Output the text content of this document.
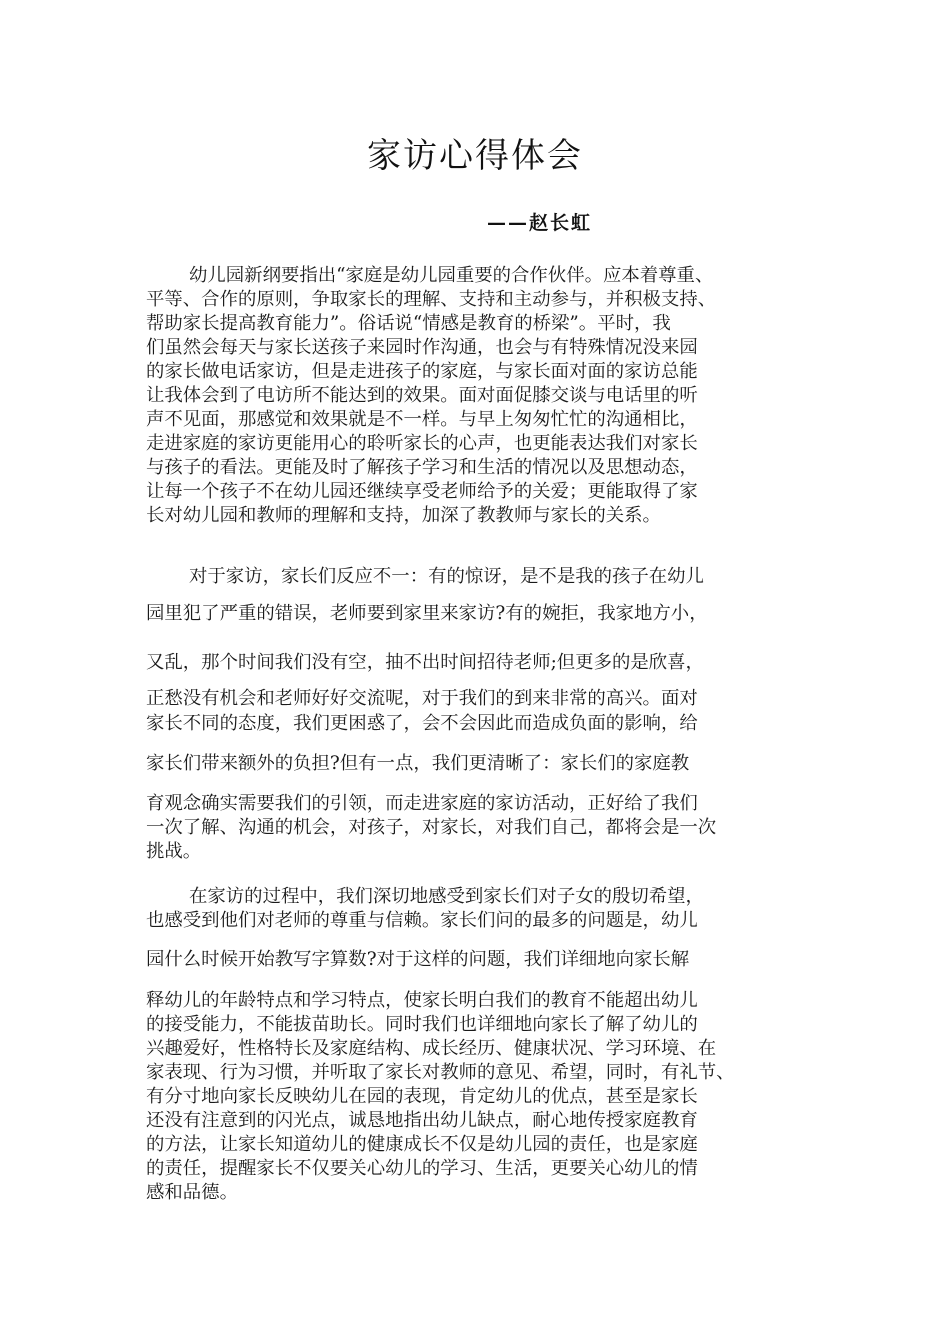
家访心得体会
——赵长虹
幼儿园新纲要指出“家庭是幼儿园重要的合作伙伴。应本着尊重、
平等、合作的原则，争取家长的理解、支持和主动参与，并积极支持、
帮助家长提高教育能力”。俗话说“情感是教育的桥梁”。平时，我
们虽然会每天与家长送孩子来园时作沟通，也会与有特殊情况没来园
的家长做电话家访，但是走进孩子的家庭，与家长面对面的家访总能
让我体会到了电访所不能达到的效果。面对面促膝交谈与电话里的听
声不见面，那感觉和效果就是不一样。与早上匆匆忙忙的沟通相比，
走进家庭的家访更能用心的聆听家长的心声，也更能表达我们对家长
与孩子的看法。更能及时了解孩子学习和生活的情况以及思想动态，
让每一个孩子不在幼儿园还继续享受老师给予的关爱；更能取得了家
长对幼儿园和教师的理解和支持，加深了教教师与家长的关系。
对于家访，家长们反应不一：有的惊讶，是不是我的孩子在幼儿
园里犯了严重的错误，老师要到家里来家访?有的婉拒，我家地方小，
又乱，那个时间我们没有空，抽不出时间招待老师;但更多的是欣喜，
正愁没有机会和老师好好交流呢，对于我们的到来非常的高兴。面对
家长不同的态度，我们更困惑了，会不会因此而造成负面的影响，给
家长们带来额外的负担?但有一点，我们更清晰了：家长们的家庭教
育观念确实需要我们的引领，而走进家庭的家访活动，正好给了我们
一次了解、沟通的机会，对孩子，对家长，对我们自己，都将会是一次
挑战。
在家访的过程中，我们深切地感受到家长们对子女的殷切希望，
也感受到他们对老师的尊重与信赖。家长们问的最多的问题是，幼儿
园什么时候开始教写字算数?对于这样的问题，我们详细地向家长解
释幼儿的年龄特点和学习特点，使家长明白我们的教育不能超出幼儿
的接受能力，不能拔苗助长。同时我们也详细地向家长了解了幼儿的
兴趣爱好，性格特长及家庭结构、成长经历、健康状况、学习环境、在
家表现、行为习惯，并听取了家长对教师的意见、希望，同时，有礼节、
有分寸地向家长反映幼儿在园的表现，肯定幼儿的优点，甚至是家长
还没有注意到的闪光点，诚恳地指出幼儿缺点，耐心地传授家庭教育
的方法，让家长知道幼儿的健康成长不仅是幼儿园的责任，也是家庭
的责任，提醒家长不仅要关心幼儿的学习、生活，更要关心幼儿的情
感和品德。
